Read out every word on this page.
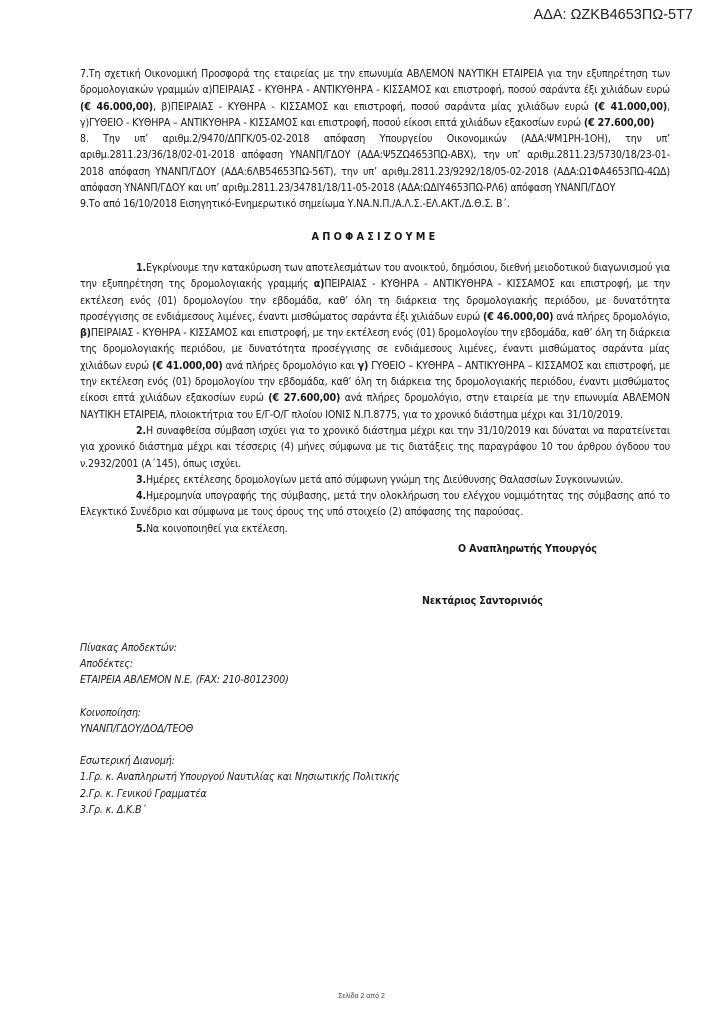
ΑΔΑ: ΩΖΚΒ4653ΠΩ-5Τ7

7.Τη σχετική Οικονομική Προσφορά της εταιρείας με την επωνυμία ΑΒΛΕΜΟΝ ΝΑΥΤΙΚΗ ΕΤΑΙΡΕΙΑ για την εξυπηρέτηση των δρομολογιακών γραμμών α)ΠΕΙΡΑΙΑΣ - ΚΥΘΗΡΑ - ΑΝΤΙΚΥΘΗΡΑ - ΚΙΣΣΑΜΟΣ και επιστροφή, ποσού σαράντα έξι χιλιάδων ευρώ (€ 46.000,00), β)ΠΕΙΡΑΙΑΣ - ΚΥΘΗΡΑ - ΚΙΣΣΑΜΟΣ και επιστροφή, ποσού σαράντα μίας χιλιάδων ευρώ (€ 41.000,00), γ)ΓΥΘΕΙΟ - ΚΥΘΗΡΑ – ΑΝΤΙΚΥΘΗΡΑ - ΚΙΣΣΑΜΟΣ και επιστροφή, ποσού είκοσι επτά χιλιάδων εξακοσίων ευρώ (€ 27.600,00)

8. Την υπ’ αριθμ.2/9470/ΔΠΓΚ/05-02-2018 απόφαση Υπουργείου Οικονομικών (ΑΔΑ:ΨΜ1ΡΗ-1ΟΗ), την υπ’ αριθμ.2811.23/36/18/02-01-2018 απόφαση ΥΝΑΝΠ/ΓΔΟΥ (ΑΔΑ:Ψ5ΖΩ4653ΠΩ-ΑΒΧ), την υπ’ αριθμ.2811.23/5730/18/23-01-2018 απόφαση ΥΝΑΝΠ/ΓΔΟΥ (ΑΔΑ:6ΛΒ54653ΠΩ-56Τ), την υπ’ αριθμ.2811.23/9292/18/05-02-2018 (ΑΔΑ:Ω1ΦΑ4653ΠΩ-4ΩΔ) απόφαση ΥΝΑΝΠ/ΓΔΟΥ και υπ’ αριθμ.2811.23/34781/18/11-05-2018 (ΑΔΑ:ΩΔΙΥ4653ΠΩ-ΡΛ6) απόφαση ΥΝΑΝΠ/ΓΔΟΥ

9.Το από 16/10/2018 Εισηγητικό-Ενημερωτικό σημείωμα Υ.ΝΑ.Ν.Π./Α.Λ.Σ.-ΕΛ.ΑΚΤ./Δ.Θ.Σ. Β΄.

ΑΠΟΦΑΣΙΖΟΥΜΕ

1.Εγκρίνουμε την κατακύρωση των αποτελεσμάτων του ανοικτού, δημόσιου, διεθνή μειοδοτικού διαγωνισμού για την εξυπηρέτηση της δρομολογιακής γραμμής α)ΠΕΙΡΑΙΑΣ - ΚΥΘΗΡΑ - ΑΝΤΙΚΥΘΗΡΑ - ΚΙΣΣΑΜΟΣ και επιστροφή, με την εκτέλεση ενός (01) δρομολογίου την εβδομάδα, καθ’ όλη τη διάρκεια της δρομολογιακής περιόδου, με δυνατότητα προσέγγισης σε ενδιάμεσους λιμένες, έναντι μισθώματος σαράντα έξι χιλιάδων ευρώ (€ 46.000,00) ανά πλήρες δρομολόγιο, β)ΠΕΙΡΑΙΑΣ - ΚΥΘΗΡΑ - ΚΙΣΣΑΜΟΣ και επιστροφή, με την εκτέλεση ενός (01) δρομολογίου την εβδομάδα, καθ’ όλη τη διάρκεια της δρομολογιακής περιόδου, με δυνατότητα προσέγγισης σε ενδιάμεσους λιμένες, έναντι μισθώματος σαράντα μίας χιλιάδων ευρώ (€ 41.000,00) ανά πλήρες δρομολόγιο και γ) ΓΥΘΕΙΟ – ΚΥΘΗΡΑ – ΑΝΤΙΚΥΘΗΡΑ – ΚΙΣΣΑΜΟΣ και επιστροφή, με την εκτέλεση ενός (01) δρομολογίου την εβδομάδα, καθ’ όλη τη διάρκεια της δρομολογιακής περιόδου, έναντι μισθώματος είκοσι επτά χιλιάδων εξακοσίων ευρώ (€ 27.600,00) ανά πλήρες δρομολόγιο, στην εταιρεία με την επωνυμία ΑΒΛΕΜΟΝ ΝΑΥΤΙΚΗ ΕΤΑΙΡΕΙΑ, πλοιοκτήτρια του Ε/Γ-Ο/Γ πλοίου ΙΟΝΙΣ Ν.Π.8775, για το χρονικό διάστημα μέχρι και 31/10/2019.

2.Η συναφθείσα σύμβαση ισχύει για το χρονικό διάστημα μέχρι και την 31/10/2019 και δύναται να παρατείνεται για χρονικό διάστημα μέχρι και τέσσερις (4) μήνες σύμφωνα με τις διατάξεις της παραγράφου 10 του άρθρου όγδοου του ν.2932/2001 (Α΄145), όπως ισχύει.

3.Ημέρες εκτέλεσης δρομολογίων μετά από σύμφωνη γνώμη της Διεύθυνσης Θαλασσίων Συγκοινωνιών.

4.Ημερομηνία υπογραφής της σύμβασης, μετά την ολοκλήρωση του ελέγχου νομιμότητας της σύμβασης από το Ελεγκτικό Συνέδριο και σύμφωνα με τους όρους της υπό στοιχείο (2) απόφασης της παρούσας.

5.Να κοινοποιηθεί για εκτέλεση.

Ο Αναπληρωτής Υπουργός
Νεκτάριος Σαντορινιός
Πίνακας Αποδεκτών:
Αποδέκτες:
ΕΤΑΙΡΕΙΑ ΑΒΛΕΜΟΝ Ν.Ε. (FAX: 210-8012300)
Κοινοποίηση:
ΥΝΑΝΠ/ΓΔΟΥ/ΔΟΔ/ΤΕΟΘ
Εσωτερική Διανομή:
1.Γρ. κ. Αναπληρωτή Υπουργού Ναυτιλίας και Νησιωτικής Πολιτικής
2.Γρ. κ. Γενικού Γραμματέα
3.Γρ. κ. Δ.Κ.Β΄
Σελίδα 2 από 2
